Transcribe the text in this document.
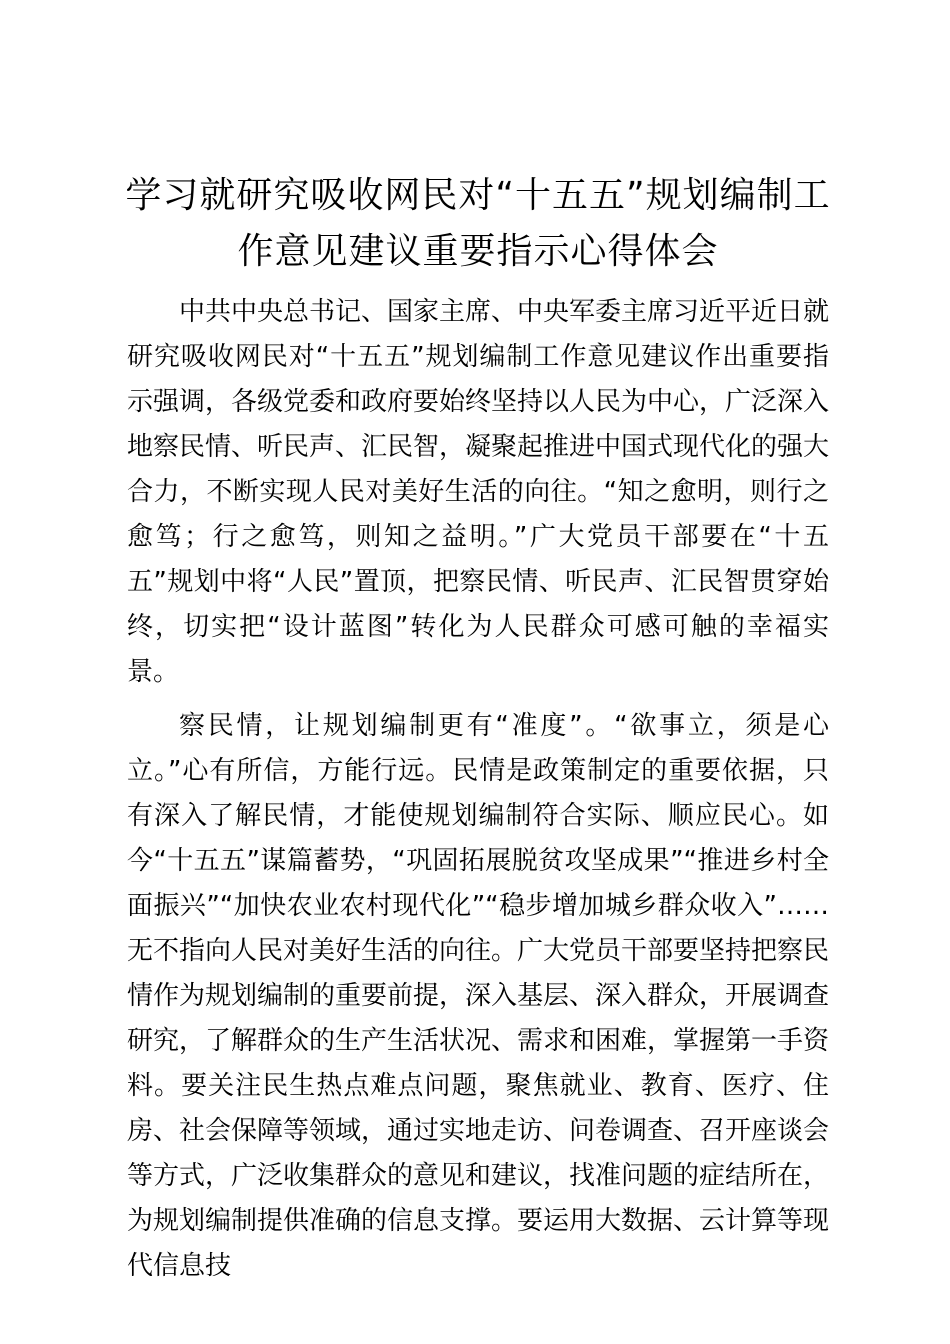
学习就研究吸收网民对“十五五”规划编制工作意见建议重要指示心得体会

中共中央总书记、国家主席、中央军委主席习近平近日就研究吸收网民对“十五五”规划编制工作意见建议作出重要指示强调，各级党委和政府要始终坚持以人民为中心，广泛深入地察民情、听民声、汇民智，凝聚起推进中国式现代化的强大合力，不断实现人民对美好生活的向往。“知之愈明，则行之愈笃；行之愈笃，则知之益明。”广大党员干部要在“十五五”规划中将“人民”置顶，把察民情、听民声、汇民智贯穿始终，切实把“设计蓝图”转化为人民群众可感可触的幸福实景。

察民情，让规划编制更有“准度”。“欲事立，须是心立。”心有所信，方能行远。民情是政策制定的重要依据，只有深入了解民情，才能使规划编制符合实际、顺应民心。如今“十五五”谋篇蓄势，“巩固拓展脱贫攻坚成果”“推进乡村全面振兴”“加快农业农村现代化”“稳步增加城乡群众收入”……无不指向人民对美好生活的向往。广大党员干部要坚持把察民情作为规划编制的重要前提，深入基层、深入群众，开展调查研究，了解群众的生产生活状况、需求和困难，掌握第一手资料。要关注民生热点难点问题，聚焦就业、教育、医疗、住房、社会保障等领域，通过实地走访、问卷调查、召开座谈会等方式，广泛收集群众的意见和建议，找准问题的症结所在，为规划编制提供准确的信息支撑。要运用大数据、云计算等现代信息技
